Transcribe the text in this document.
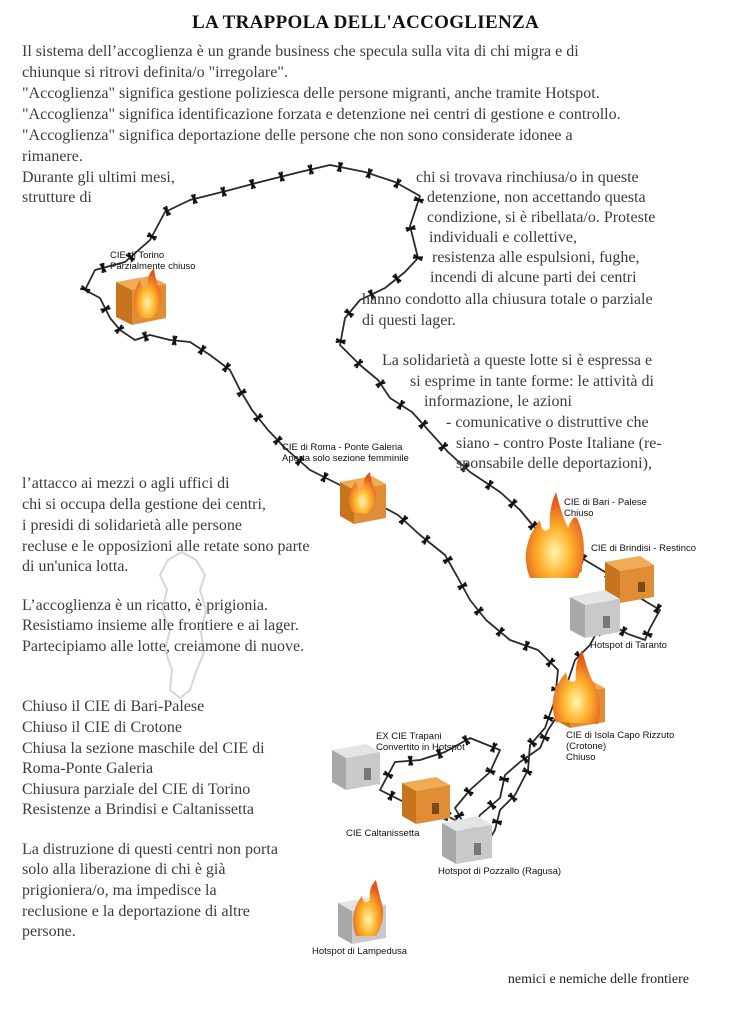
LA TRAPPOLA DELL'ACCOGLIENZA
Il sistema dell’accoglienza è un grande business che specula sulla vita di chi migra e di
chiunque si ritrovi definita/o "irregolare".
"Accoglienza" significa gestione poliziesca delle persone migranti, anche tramite Hotspot.
"Accoglienza" significa identificazione forzata e detenzione nei centri di gestione e controllo.
"Accoglienza" significa deportazione delle persone che non sono considerate idonee a
rimanere.
Durante gli ultimi mesi,
strutture di
chi si trovava rinchiusa/o in queste
detenzione, non accettando questa
condizione, si è ribellata/o. Proteste
individuali e collettive,
resistenza alle espulsioni, fughe,
incendi di alcune parti dei centri
hanno condotto alla chiusura totale o parziale
di questi lager.
La solidarietà a queste lotte si è espressa e
si esprime in tante forme: le attività di
informazione, le azioni
- comunicative o distruttive che
siano - contro Poste Italiane (re-
sponsabile delle deportazioni),
l’attacco ai mezzi o agli uffici di
chi si occupa della gestione dei centri,
i presidi di solidarietà alle persone
recluse e le opposizioni alle retate sono parte
di un'unica lotta.
L’accoglienza è un ricatto, è prigionia.
Resistiamo insieme alle frontiere e ai lager.
Partecipiamo alle lotte, creiamone di nuove.
Chiuso il CIE di Bari-Palese
Chiuso il CIE di Crotone
Chiusa la sezione maschile del CIE di
Roma-Ponte Galeria
Chiusura parziale del CIE di Torino
Resistenze a Brindisi e Caltanissetta
La distruzione di questi centri non porta
solo alla liberazione di chi è già
prigioniera/o, ma impedisce la
reclusione e la deportazione di altre
persone.
CIE di Torino
Parzialmente chiuso
CIE di Roma - Ponte Galeria
Aperta solo sezione femminile
CIE di Bari - Palese
Chiuso
CIE di Brindisi - Restinco
Hotspot di Taranto
CIE di Isola Capo Rizzuto
(Crotone)
Chiuso
EX CIE Trapani
Convertito in Hotspot
CIE Caltanissetta
Hotspot di Pozzallo (Ragusa)
Hotspot di Lampedusa
nemici e nemiche delle frontiere
